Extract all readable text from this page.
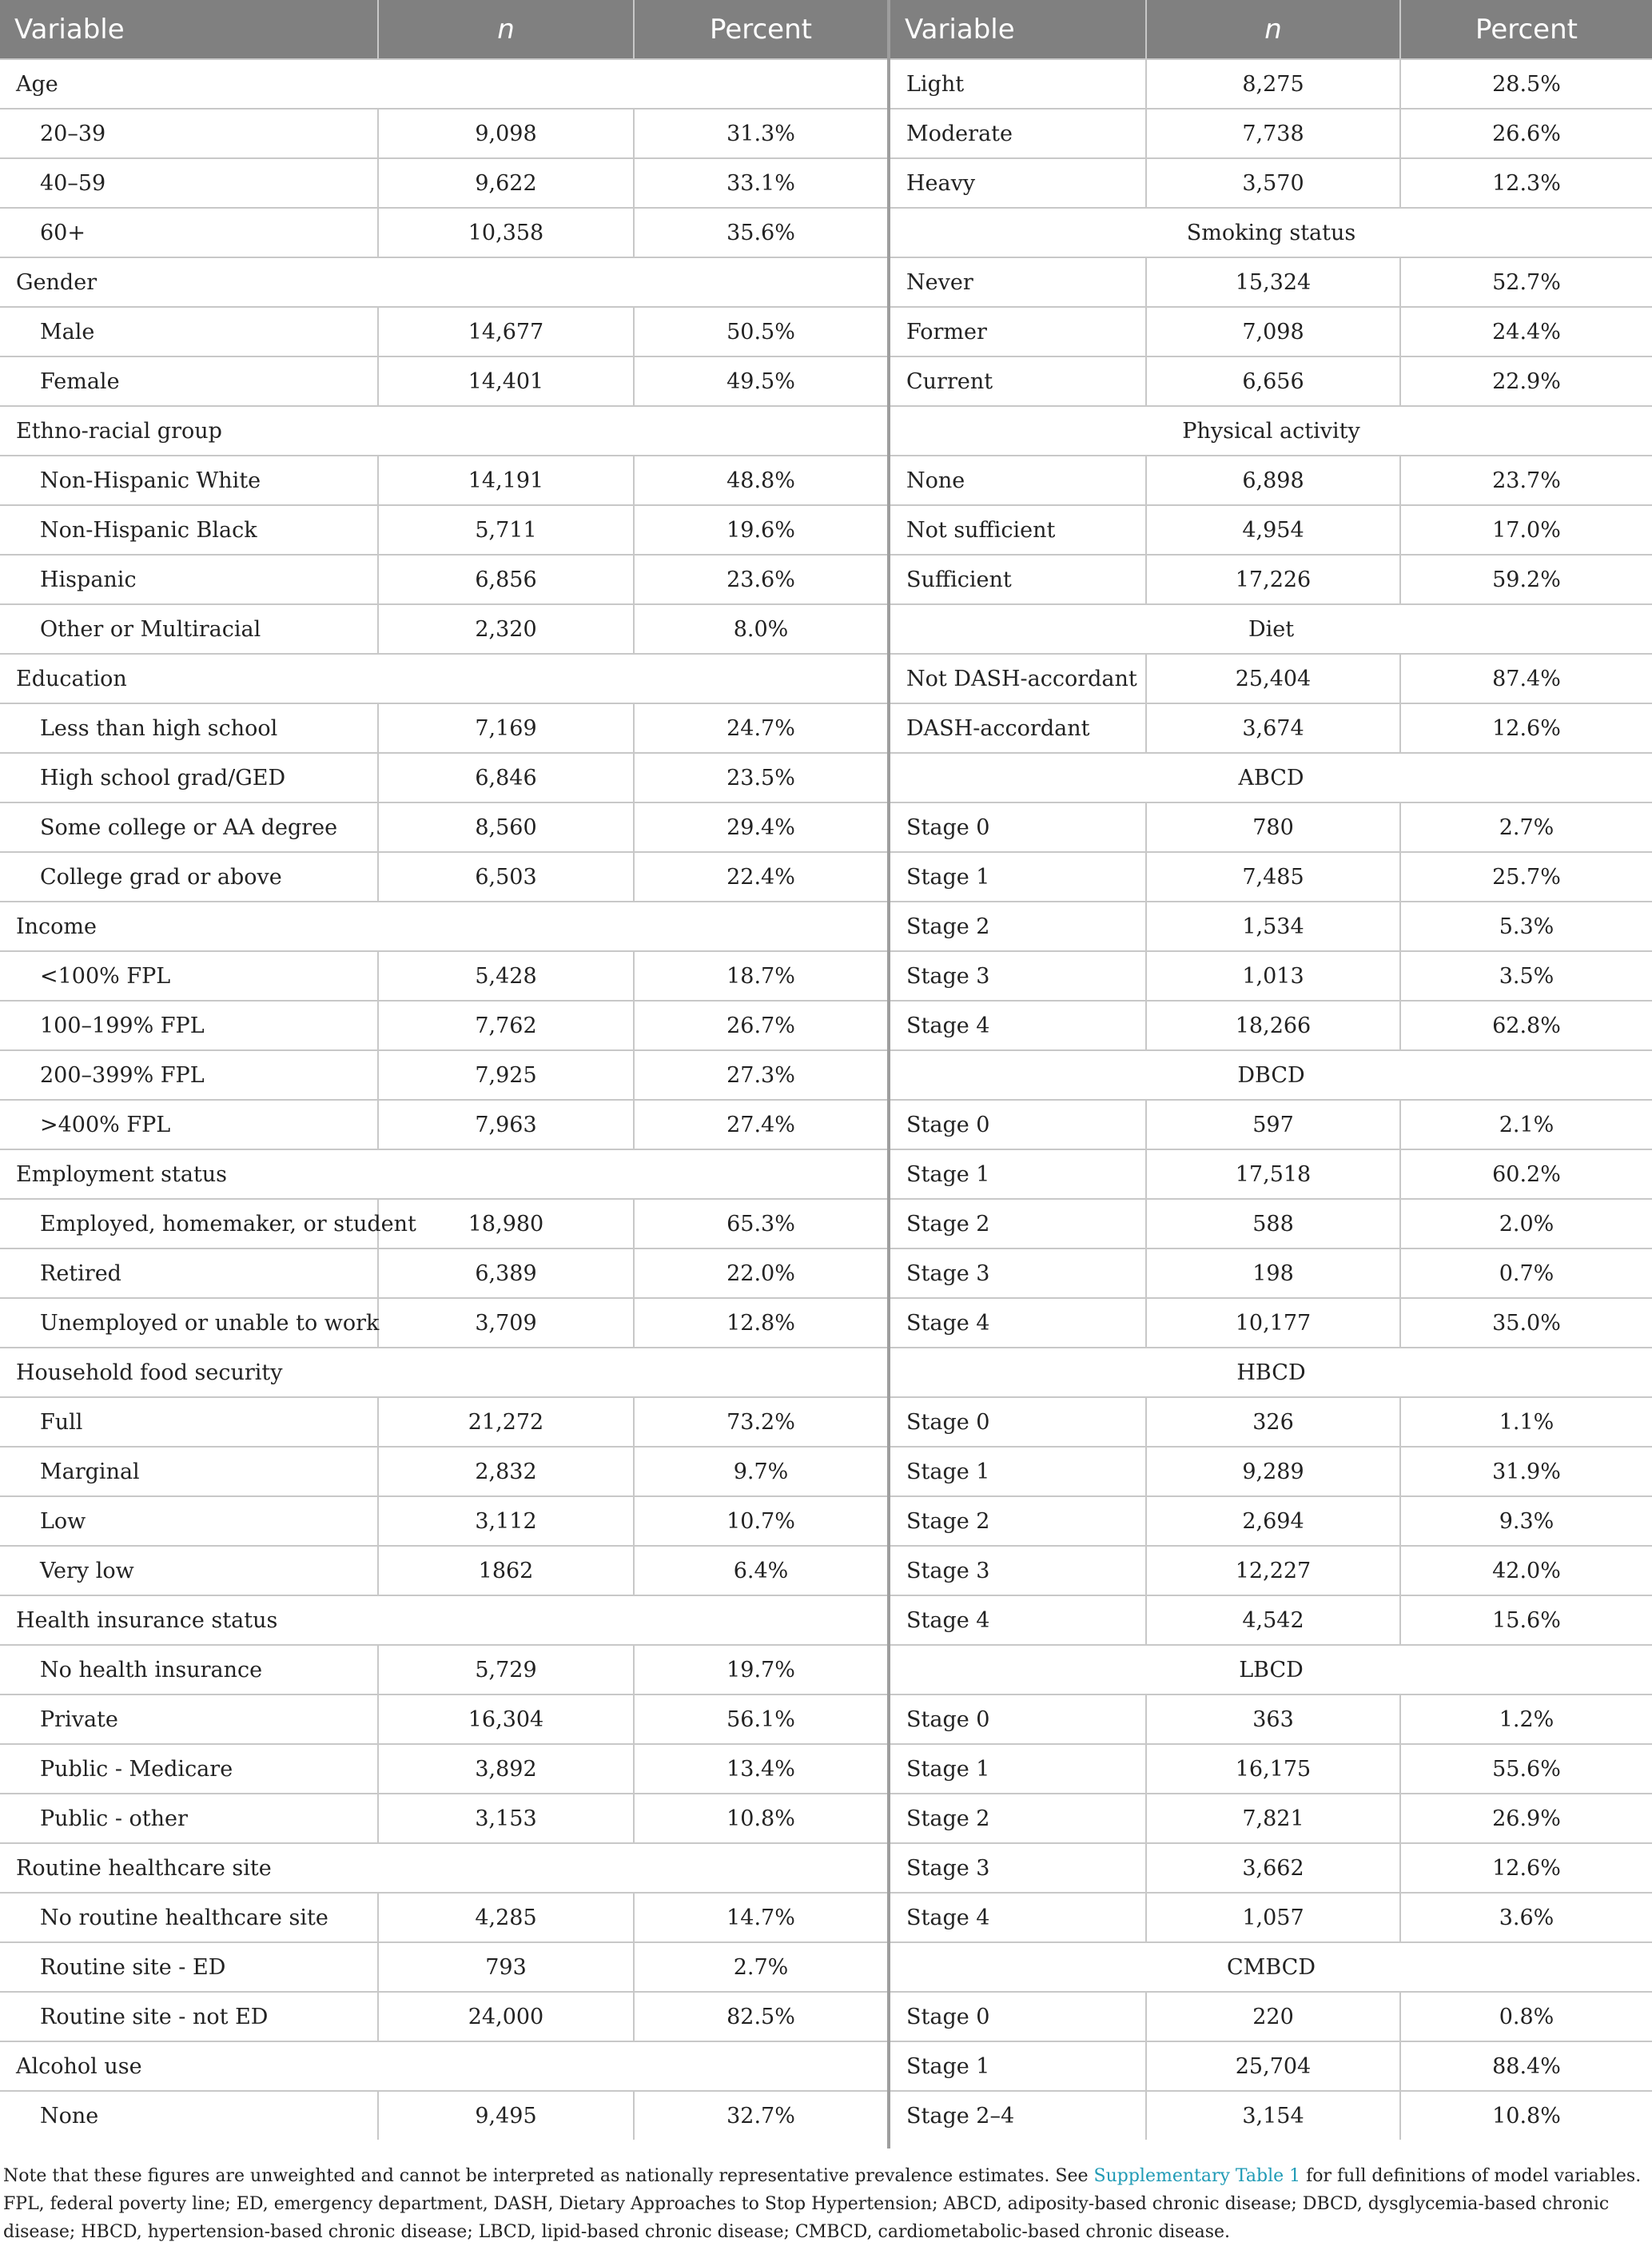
Variable	n	Percent
Age		
20–39	9,098	31.3%
40–59	9,622	33.1%
60+	10,358	35.6%
Gender		
Male	14,677	50.5%
Female	14,401	49.5%
Ethno-racial group		
Non-Hispanic White	14,191	48.8%
Non-Hispanic Black	5,711	19.6%
Hispanic	6,856	23.6%
Other or Multiracial	2,320	8.0%
Education		
Less than high school	7,169	24.7%
High school grad/GED	6,846	23.5%
Some college or AA degree	8,560	29.4%
College grad or above	6,503	22.4%
Income		
<100% FPL	5,428	18.7%
100–199% FPL	7,762	26.7%
200–399% FPL	7,925	27.3%
>400% FPL	7,963	27.4%
Employment status		
Employed, homemaker, or student	18,980	65.3%
Retired	6,389	22.0%
Unemployed or unable to work	3,709	12.8%
Household food security		
Full	21,272	73.2%
Marginal	2,832	9.7%
Low	3,112	10.7%
Very low	1862	6.4%
Health insurance status		
No health insurance	5,729	19.7%
Private	16,304	56.1%
Public - Medicare	3,892	13.4%
Public - other	3,153	10.8%
Routine healthcare site		
No routine healthcare site	4,285	14.7%
Routine site - ED	793	2.7%
Routine site - not ED	24,000	82.5%
Alcohol use		
None	9,495	32.7%
Variable	n	Percent
Light	8,275	28.5%
Moderate	7,738	26.6%
Heavy	3,570	12.3%
Smoking status		
Never	15,324	52.7%
Former	7,098	24.4%
Current	6,656	22.9%
Physical activity		
None	6,898	23.7%
Not sufficient	4,954	17.0%
Sufficient	17,226	59.2%
Diet		
Not DASH-accordant	25,404	87.4%
DASH-accordant	3,674	12.6%
ABCD		
Stage 0	780	2.7%
Stage 1	7,485	25.7%
Stage 2	1,534	5.3%
Stage 3	1,013	3.5%
Stage 4	18,266	62.8%
DBCD		
Stage 0	597	2.1%
Stage 1	17,518	60.2%
Stage 2	588	2.0%
Stage 3	198	0.7%
Stage 4	10,177	35.0%
HBCD		
Stage 0	326	1.1%
Stage 1	9,289	31.9%
Stage 2	2,694	9.3%
Stage 3	12,227	42.0%
Stage 4	4,542	15.6%
LBCD		
Stage 0	363	1.2%
Stage 1	16,175	55.6%
Stage 2	7,821	26.9%
Stage 3	3,662	12.6%
Stage 4	1,057	3.6%
CMBCD		
Stage 0	220	0.8%
Stage 1	25,704	88.4%
Stage 2–4	3,154	10.8%

Note that these figures are unweighted and cannot be interpreted as nationally representative prevalence estimates. See Supplementary Table 1 for full definitions of model variables. FPL, federal poverty line; ED, emergency department, DASH, Dietary Approaches to Stop Hypertension; ABCD, adiposity-based chronic disease; DBCD, dysglycemia-based chronic disease; HBCD, hypertension-based chronic disease; LBCD, lipid-based chronic disease; CMBCD, cardiometabolic-based chronic disease.
